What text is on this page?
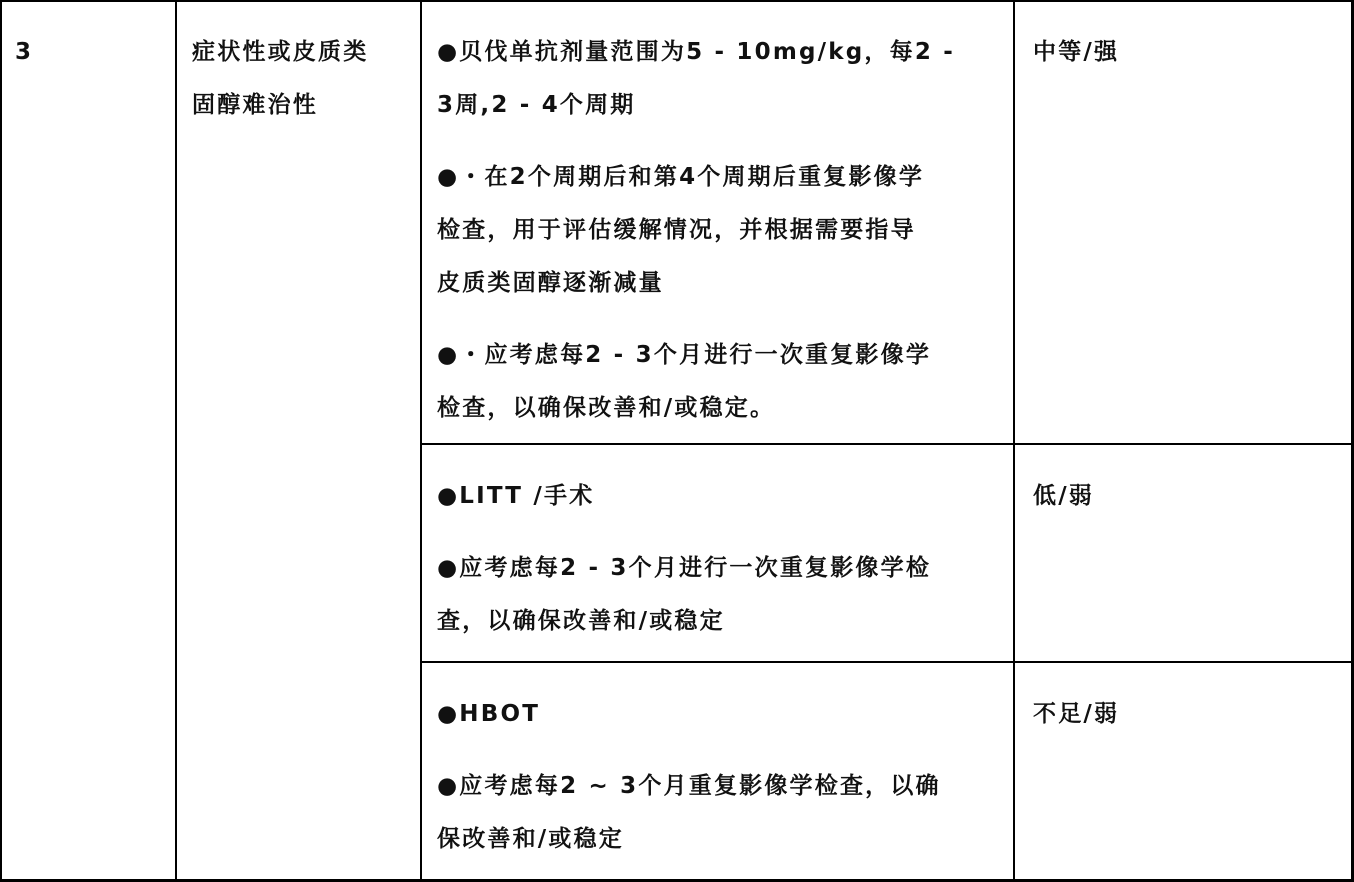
3	症状性或皮质类
固醇难治性
●贝伐单抗剂量范围为5 - 10mg/kg，每2 -
3周,2 - 4个周期
●・在2个周期后和第4个周期后重复影像学
检查，用于评估缓解情况，并根据需要指导
皮质类固醇逐渐减量
●・应考虑每2 - 3个月进行一次重复影像学
检查，以确保改善和/或稳定。
中等/强
●LITT /手术
●应考虑每2 - 3个月进行一次重复影像学检
查，以确保改善和/或稳定
低/弱
●HBOT
●应考虑每2 ~ 3个月重复影像学检查，以确
保改善和/或稳定
不足/弱
